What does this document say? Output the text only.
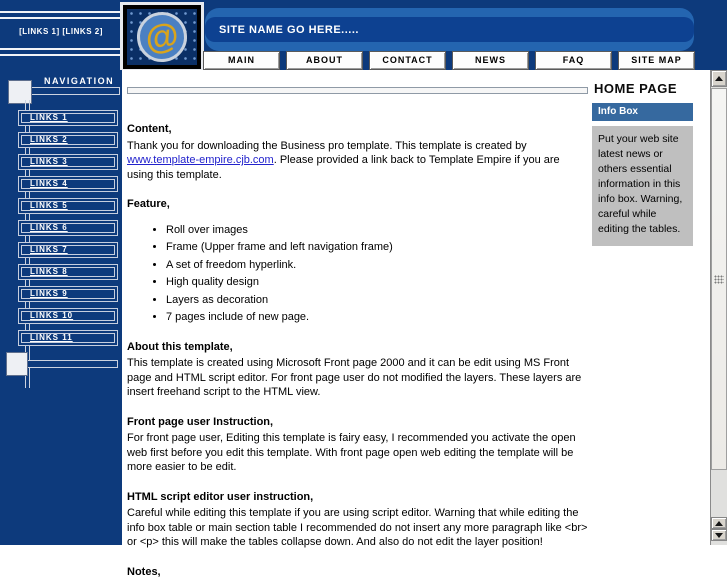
[LINKS 1] [LINKS 2]	@	SITE NAME GO HERE.....
MAIN	ABOUT	CONTACT	NEWS	FAQ	SITE MAP
NAVIGATION
LINKS 1
LINKS 2
LINKS 3
LINKS 4
LINKS 5
LINKS 6
LINKS 7
LINKS 8
LINKS 9
LINKS 10
LINKS 11
Content,

Thank you for downloading the Business pro template. This template is created by www.template-empire.cjb.com. Please provided a link back to Template Empire if you are using this template.

Feature,
• Roll over images
• Frame (Upper frame and left navigation frame)
• A set of freedom hyperlink.
• High quality design
• Layers as decoration
• 7 pages include of new page.
About this template,

This template is created using Microsoft Front page 2000 and it can be edit using MS Front page and HTML script editor. For front page user do not modified the layers. These layers are insert freehand script to the HTML view.

Front page user Instruction,

For front page user, Editing this template is fairy easy, I recommended you activate the open web first before you edit this template. With front page open web editing the template will be more easier to be edit.

HTML script editor user instruction,

Careful while editing this template if you are using script editor. Warning that while editing the info box table or main section table I recommended do not insert any more paragraph like <br> or <p> this will make the tables collapse down. And also do not edit the layer position!

Notes,
HOME PAGE
Info Box
Put your web site latest news or others essential information in this info box. Warning, careful while editing the tables.
